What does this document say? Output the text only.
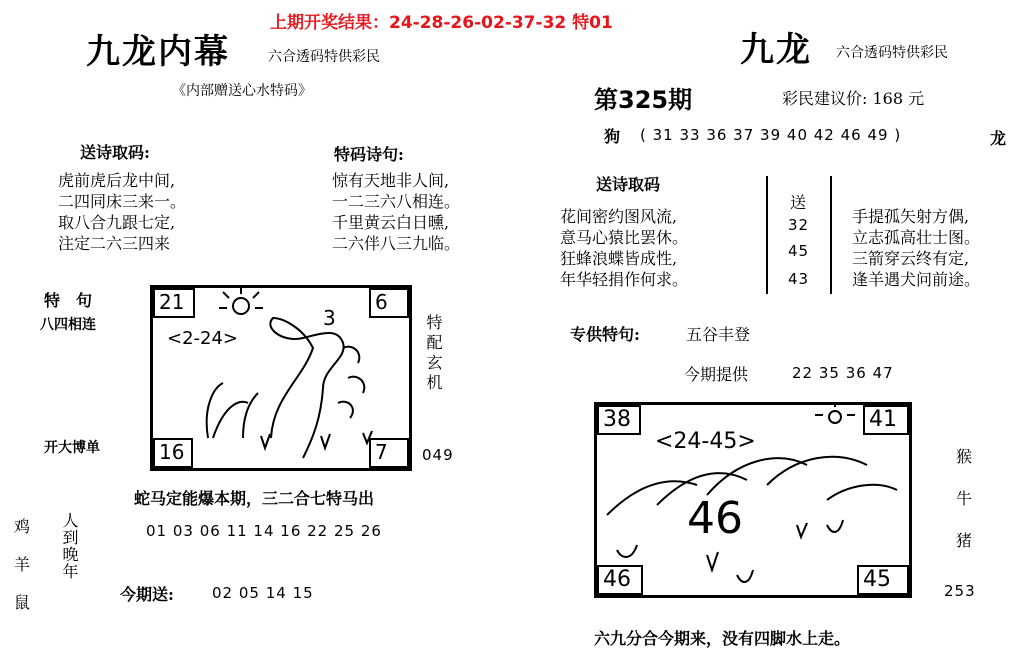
上期开奖结果：24-28-26-02-37-32 特01
九龙内幕	六合透码特供彩民
《内部赠送心水特码》
送诗取码:
虎前虎后龙中间,
二四同床三来一。
取八合九跟七定,
注定二六三四来
特码诗句:
惊有天地非人间,
一二三六八相连。
千里黄云白日曛,
二六伴八三九临。
特　句
八四相连
开大博单
<2-24>
3
21	6
16	7
特配玄机
049
蛇马定能爆本期，三二合七特马出
01 03 06 11 14 16 22 25 26
鸡
羊
鼠
人到晚年
今期送:	02 05 14 15
九龙 六合透码特供彩民
第325期	彩民建议价: 168 元
狗 ( 31 33 36 37 39 40 42 46 49 )	龙
送诗取码
花间密约图风流,
意马心猿比罢休。
狂蜂浪蝶皆成性,
年华轻捐作何求。
送
32
45
43
手提孤矢射方偶,
立志孤高壮士图。
三箭穿云终有定,
逢羊遇犬问前途。
专供特句:	五谷丰登
今期提供	22 35 36 47
<24-45>
46
38	41
46	45
猴
牛
猪
253
六九分合今期来，没有四脚水上走。
